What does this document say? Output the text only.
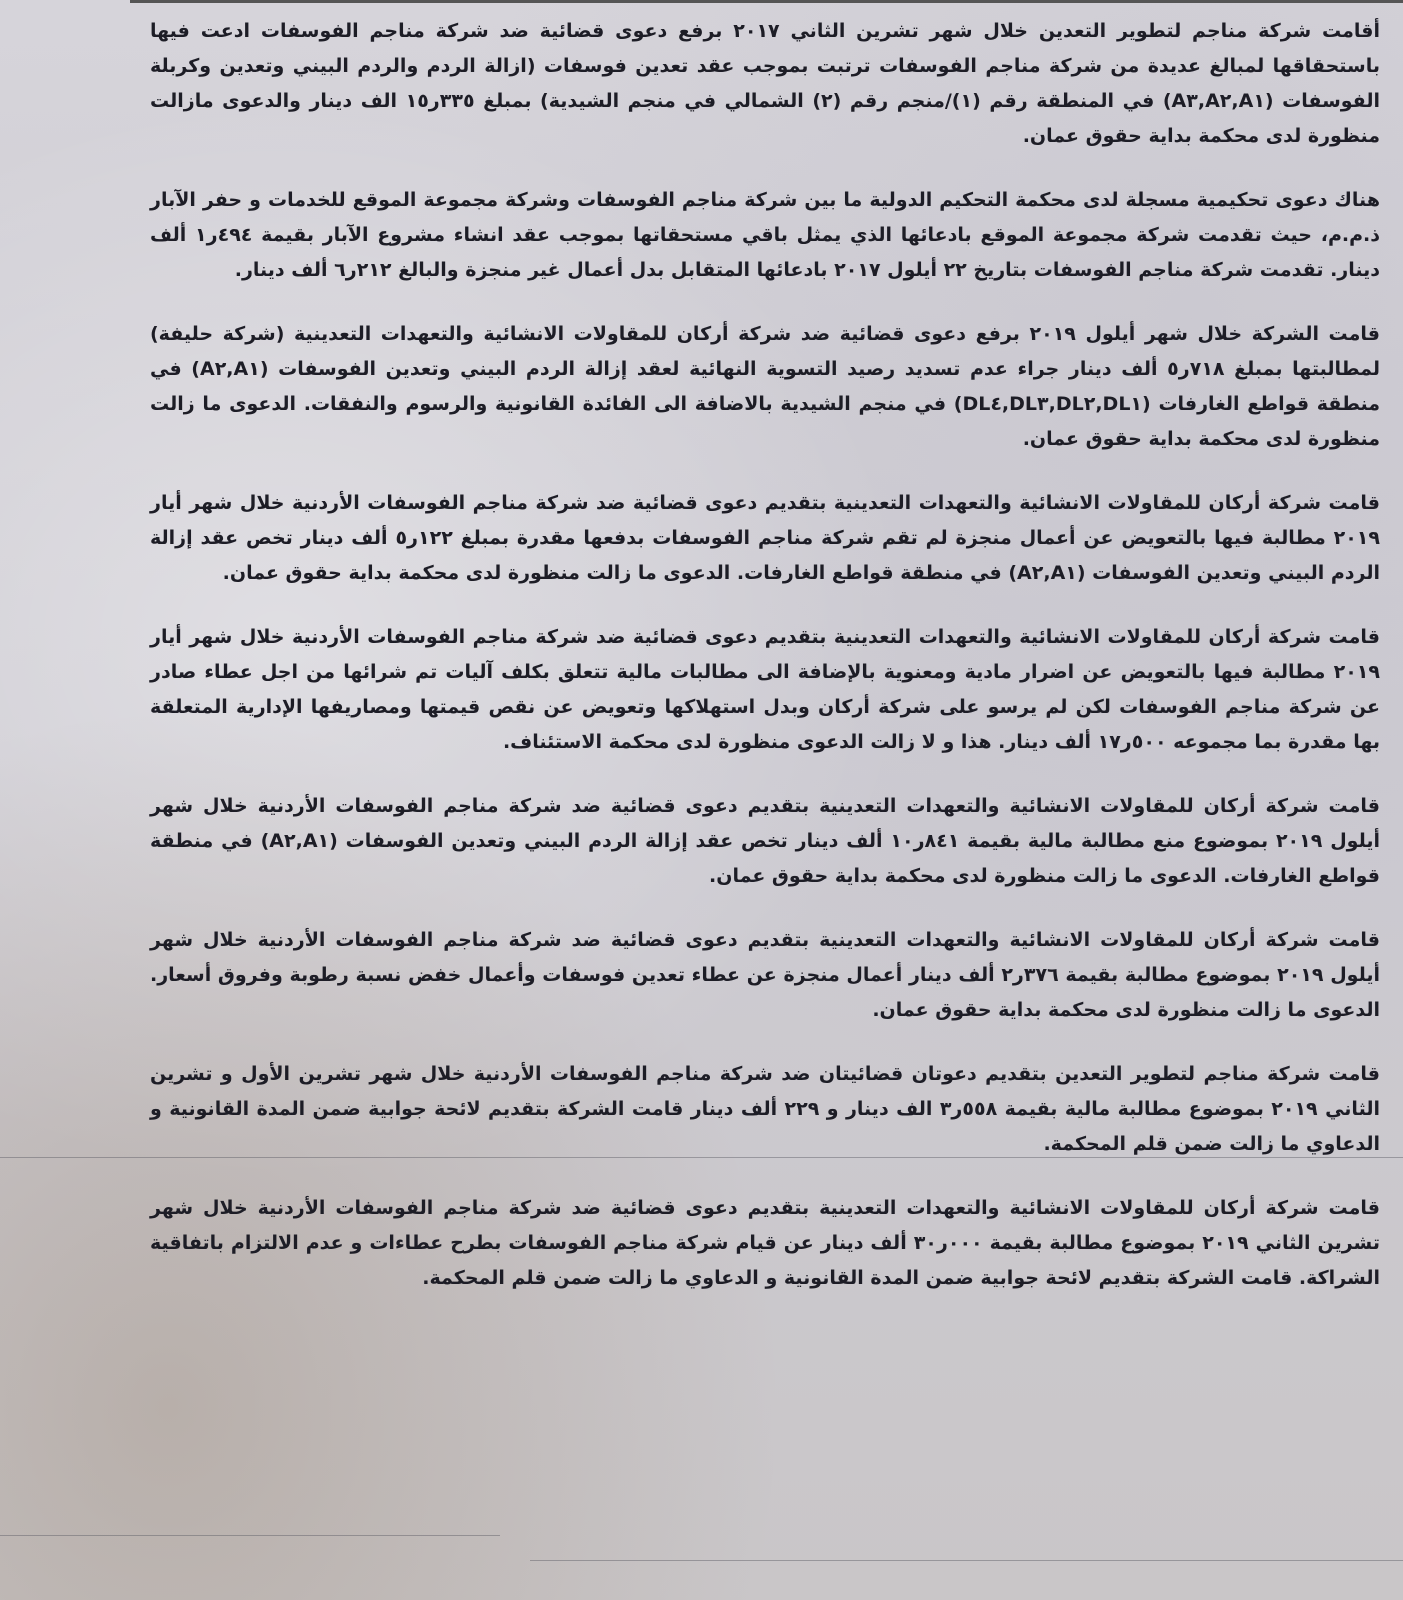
أقامت شركة مناجم لتطوير التعدين خلال شهر تشرين الثاني ٢٠١٧ برفع دعوى قضائية ضد شركة مناجم الفوسفات ادعت فيها باستحقاقها لمبالغ عديدة من شركة مناجم الفوسفات ترتبت بموجب عقد تعدين فوسفات (ازالة الردم والردم البيني وتعدين وكربلة الفوسفات (A١,A٢,A٣) في المنطقة رقم (١)/منجم رقم (٢) الشمالي في منجم الشيدية) بمبلغ ٣٣٥ر١٥ الف دينار والدعوى مازالت منظورة لدى محكمة بداية حقوق عمان.

هناك دعوى تحكيمية مسجلة لدى محكمة التحكيم الدولية ما بين شركة مناجم الفوسفات وشركة مجموعة الموقع للخدمات و حفر الآبار ذ.م.م، حيث تقدمت شركة مجموعة الموقع بادعائها الذي يمثل باقي مستحقاتها بموجب عقد انشاء مشروع الآبار بقيمة ٤٩٤ر١ ألف دينار. تقدمت شركة مناجم الفوسفات بتاريخ ٢٢ أيلول ٢٠١٧ بادعائها المتقابل بدل أعمال غير منجزة والبالغ ٢١٢ر٦ ألف دينار.

قامت الشركة خلال شهر أيلول ٢٠١٩ برفع دعوى قضائية ضد شركة أركان للمقاولات الانشائية والتعهدات التعدينية (شركة حليفة) لمطالبتها بمبلغ ٧١٨ر٥ ألف دينار جراء عدم تسديد رصيد التسوية النهائية لعقد إزالة الردم البيني وتعدين الفوسفات (A١,A٢) في منطقة قواطع الغارفات (DL١,DL٢,DL٣,DL٤) في منجم الشيدية بالاضافة الى الفائدة القانونية والرسوم والنفقات. الدعوى ما زالت منظورة لدى محكمة بداية حقوق عمان.

قامت شركة أركان للمقاولات الانشائية والتعهدات التعدينية بتقديم دعوى قضائية ضد شركة مناجم الفوسفات الأردنية خلال شهر أيار ٢٠١٩ مطالبة فيها بالتعويض عن أعمال منجزة لم تقم شركة مناجم الفوسفات بدفعها مقدرة بمبلغ ١٢٢ر٥ ألف دينار تخص عقد إزالة الردم البيني وتعدين الفوسفات (A١,A٢) في منطقة قواطع الغارفات. الدعوى ما زالت منظورة لدى محكمة بداية حقوق عمان.

قامت شركة أركان للمقاولات الانشائية والتعهدات التعدينية بتقديم دعوى قضائية ضد شركة مناجم الفوسفات الأردنية خلال شهر أيار ٢٠١٩ مطالبة فيها بالتعويض عن اضرار مادية ومعنوية بالإضافة الى مطالبات مالية تتعلق بكلف آليات تم شرائها من اجل عطاء صادر عن شركة مناجم الفوسفات لكن لم يرسو على شركة أركان وبدل استهلاكها وتعويض عن نقص قيمتها ومصاريفها الإدارية المتعلقة بها مقدرة بما مجموعه ٥٠٠ر١٧ ألف دينار. هذا و لا زالت الدعوى منظورة لدى محكمة الاستئناف.

قامت شركة أركان للمقاولات الانشائية والتعهدات التعدينية بتقديم دعوى قضائية ضد شركة مناجم الفوسفات الأردنية خلال شهر أيلول ٢٠١٩ بموضوع منع مطالبة مالية بقيمة ٨٤١ر١٠ ألف دينار تخص عقد إزالة الردم البيني وتعدين الفوسفات (A١,A٢) في منطقة قواطع الغارفات. الدعوى ما زالت منظورة لدى محكمة بداية حقوق عمان.

قامت شركة أركان للمقاولات الانشائية والتعهدات التعدينية بتقديم دعوى قضائية ضد شركة مناجم الفوسفات الأردنية خلال شهر أيلول ٢٠١٩ بموضوع مطالبة بقيمة ٣٧٦ر٢ ألف دينار أعمال منجزة عن عطاء تعدين فوسفات وأعمال خفض نسبة رطوبة وفروق أسعار. الدعوى ما زالت منظورة لدى محكمة بداية حقوق عمان.

قامت شركة مناجم لتطوير التعدين بتقديم دعوتان قضائيتان ضد شركة مناجم الفوسفات الأردنية خلال شهر تشرين الأول و تشرين الثاني ٢٠١٩ بموضوع مطالبة مالية بقيمة ٥٥٨ر٣ الف دينار و ٢٢٩ ألف دينار قامت الشركة بتقديم لائحة جوابية ضمن المدة القانونية و الدعاوي ما زالت ضمن قلم المحكمة.

قامت شركة أركان للمقاولات الانشائية والتعهدات التعدينية بتقديم دعوى قضائية ضد شركة مناجم الفوسفات الأردنية خلال شهر تشرين الثاني ٢٠١٩ بموضوع مطالبة بقيمة ٠٠٠ر٣٠ ألف دينار عن قيام شركة مناجم الفوسفات بطرح عطاءات و عدم الالتزام باتفاقية الشراكة. قامت الشركة بتقديم لائحة جوابية ضمن المدة القانونية و الدعاوي ما زالت ضمن قلم المحكمة.
